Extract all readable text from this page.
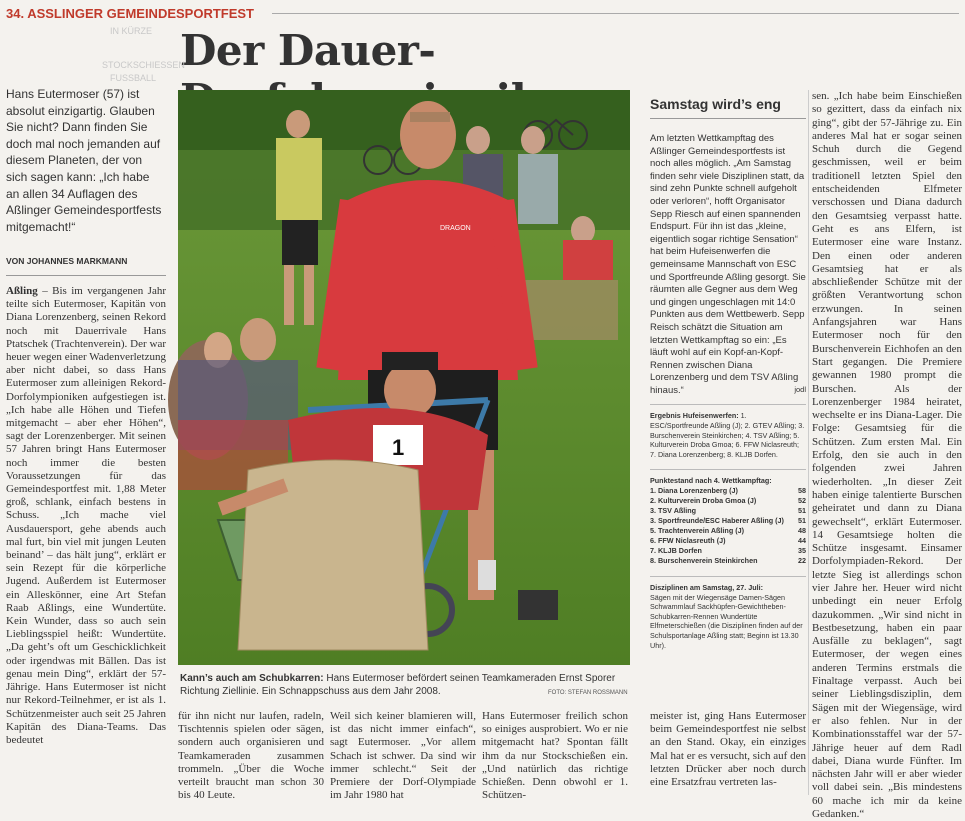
34. ASSLINGER GEMEINDESPORTFEST
Der Dauer-
IN KÜRZE
STOCKSCHIESSEN
FUSSBALL
Hans Eutermoser (57) ist absolut einzigartig. Glauben Sie nicht? Dann finden Sie doch mal noch jemanden auf diesem Planeten, der von sich sagen kann: „Ich habe an allen 34 Auflagen des Aßlinger Gemeindesportfests mitgemacht!“
VON JOHANNES MARKMANN
Aßling – Bis im vergangenen Jahr teilte sich Eutermoser, Kapitän von Diana Lorenzenberg, seinen Rekord noch mit Dauerrivale Hans Ptatschek (Trachtenverein). Der war heuer wegen einer Wadenverletzung aber nicht dabei, so dass Hans Eutermoser zum alleinigen Rekord-Dorfolympioniken aufgestiegen ist. „Ich habe alle Höhen und Tiefen mitgemacht – aber eher Höhen“, sagt der Lorenzenberger. Mit seinen 57 Jahren bringt Hans Eutermoser noch immer die besten Voraussetzungen für das Gemeindesportfest mit. 1,88 Meter groß, schlank, einfach bestens in Schuss. „Ich mache viel Ausdauersport, gehe abends auch mal furt, bin viel mit jungen Leuten beinand’ – das hält jung“, erklärt er sein Rezept für die körperliche Jugend. Außerdem ist Eutermoser ein Alleskönner, eine Art Stefan Raab Aßlings, eine Wundertüte. Kein Wunder, dass so auch sein Lieblingsspiel heißt: Wundertüte. „Da geht’s oft um Geschicklichkeit oder irgendwas mit Bällen. Das ist genau mein Ding“, erklärt der 57-Jährige. Hans Eutermoser ist nicht nur Rekord-Teilnehmer, er ist als 1. Schützenmeister auch seit 25 Jahren Kapitän des Diana-Teams. Das bedeutet
DRAGON
1
Kann’s auch am Schubkarren: Hans Eutermoser befördert seinen Teamkameraden Ernst Sporer Richtung Ziellinie. Ein Schnappschuss aus dem Jahr 2008.	FOTO: STEFAN ROSSMANN
für ihn nicht nur laufen, radeln, Tischtennis spielen oder sägen, sondern auch organisieren und Teamkameraden zusammen trommeln. „Über die Woche verteilt braucht man schon 30 bis 40 Leute.
Weil sich keiner blamieren will, ist das nicht immer einfach“, sagt Eutermoser. „Vor allem Schach ist schwer. Da sind wir immer schlecht.“ Seit der Premiere der Dorf-Olympiade im Jahr 1980 hat
Hans Eutermoser freilich schon so einiges ausprobiert. Wo er nie mitgemacht hat? Spontan fällt ihm da nur Stockschießen ein. „Und natürlich das richtige Schießen. Denn obwohl er 1. Schützen-
meister ist, ging Hans Eutermoser beim Gemeindesportfest nie selbst an den Stand. Okay, ein einziges Mal hat er es versucht, sich auf den letzten Drücker aber noch durch eine Ersatzfrau vertreten las-
Samstag wird’s eng
Am letzten Wettkampftag des Aßlinger Gemeindesportfests ist noch alles möglich. „Am Samstag finden sehr viele Disziplinen statt, da sind zehn Punkte schnell aufgeholt oder verloren“, hofft Organisator Sepp Riesch auf einen spannenden Endspurt. Für ihn ist das „kleine, eigentlich sogar richtige Sensation“ hat beim Hufeisenwerfen die gemeinsame Mannschaft von ESC und Sportfreunde Aßling gesorgt. Sie räumten alle Gegner aus dem Weg und gingen ungeschlagen mit 14:0 Punkten aus dem Wettbewerb. Sepp Reisch schätzt die Situation am letzten Wettkampftag so ein: „Es läuft wohl auf ein Kopf-an-Kopf-Rennen zwischen Diana Lorenzenberg und dem TSV Aßling hinaus.“	jodl
Ergebnis Hufeisenwerfen: 1. ESC/Sportfreunde Aßling (J); 2. GTEV Aßling; 3. Burschenverein Steinkirchen; 4. TSV Aßling; 5. Kulturverein Droba Gmoa; 6. FFW Niclasreuth; 7. Diana Lorenzenberg; 8. KLJB Dorfen.
Punktestand nach 4. Wettkampftag:
1. Diana Lorenzenberg (J)	58
2. Kulturverein Droba Gmoa (J)	52
3. TSV Aßling	51
3. Sportfreunde/ESC Haberer Aßling (J) 51
5. Trachtenverein Aßling (J)	48
6. FFW Niclasreuth (J)	44
7. KLJB Dorfen	35
8. Burschenverein Steinkirchen	22
Disziplinen am Samstag, 27. Juli:
Sägen mit der Wiegensäge Damen-Sägen Schwammlauf Sackhüpfen-Gewichtheben-Schubkarren-Rennen Wundertüte Elfmeterschießen (die Disziplinen finden auf der Schulsportanlage Aßling statt; Beginn ist 13.30 Uhr).
sen. „Ich habe beim Einschießen so gezittert, dass da einfach nix ging“, gibt der 57-Jährige zu. Ein anderes Mal hat er sogar seinen Schuh durch die Gegend geschmissen, weil er beim traditionell letzten Spiel den entscheidenden Elfmeter verschossen und Diana dadurch den Gesamtsieg verpasst hatte. Geht es ans Elfern, ist Eutermoser eine ware Instanz. Den einen oder anderen Gesamtsieg hat er als abschließender Schütze mit der größten Verantwortung schon erzwungen. In seinen Anfangsjahren war Hans Eutermoser noch für den Burschenverein Eichhofen an den Start gegangen. Die Premiere gewannen 1980 prompt die Burschen. Als der Lorenzenberger 1984 heiratet, wechselte er ins Diana-Lager. Die Folge: Gesamtsieg für die Schützen. Zum ersten Mal. Ein Erfolg, den sie auch in den folgenden zwei Jahren wiederholten. „In dieser Zeit haben einige talentierte Burschen geheiratet und dann zu Diana gewechselt“, erklärt Eutermoser. 14 Gesamtsiege holten die Schütze insgesamt. Einsamer Dorfolympiaden-Rekord. Der letzte Sieg ist allerdings schon vier Jahre her. Heuer wird nicht unbedingt ein neuer Erfolg dazukommen. „Wir sind nicht in Bestbesetzung, haben ein paar Ausfälle zu beklagen“, sagt Eutermoser, der wegen eines anderen Termins erstmals die Finaltage verpasst. Auch bei seiner Lieblingsdisziplin, dem Sägen mit der Wiegensäge, wird er also fehlen. Nur in der Kombinationsstaffel war der 57-Jährige heuer auf dem Radl dabei, Diana wurde Fünfter. Im nächsten Jahr will er aber wieder voll dabei sein. „Bis mindestens 60 mache ich mir da keine Gedanken.“
